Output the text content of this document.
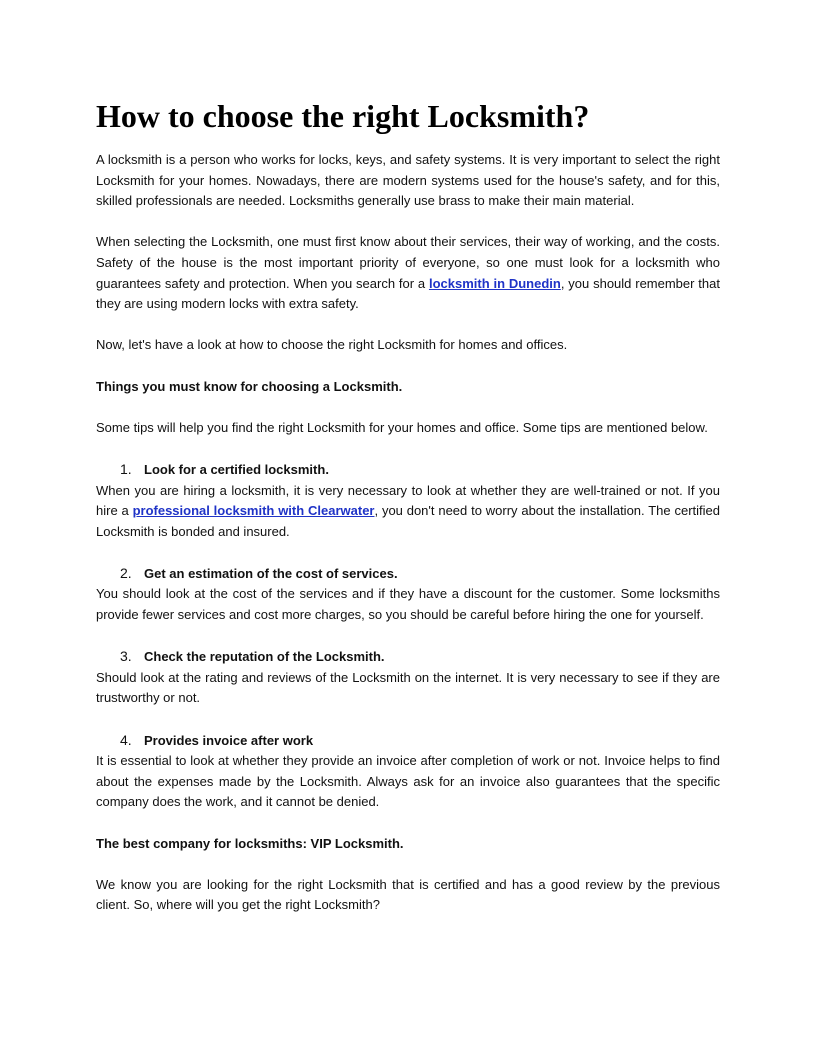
How to choose the right Locksmith?

A locksmith is a person who works for locks, keys, and safety systems. It is very important to select the right Locksmith for your homes. Nowadays, there are modern systems used for the house's safety, and for this, skilled professionals are needed. Locksmiths generally use brass to make their main material.

When selecting the Locksmith, one must first know about their services, their way of working, and the costs. Safety of the house is the most important priority of everyone, so one must look for a locksmith who guarantees safety and protection. When you search for a locksmith in Dunedin, you should remember that they are using modern locks with extra safety.

Now, let's have a look at how to choose the right Locksmith for homes and offices.

Things you must know for choosing a Locksmith.

Some tips will help you find the right Locksmith for your homes and office. Some tips are mentioned below.

1. Look for a certified locksmith.

When you are hiring a locksmith, it is very necessary to look at whether they are well-trained or not. If you hire a professional locksmith with Clearwater, you don't need to worry about the installation. The certified Locksmith is bonded and insured.

2. Get an estimation of the cost of services.

You should look at the cost of the services and if they have a discount for the customer. Some locksmiths provide fewer services and cost more charges, so you should be careful before hiring the one for yourself.

3. Check the reputation of the Locksmith.

Should look at the rating and reviews of the Locksmith on the internet. It is very necessary to see if they are trustworthy or not.

4. Provides invoice after work

It is essential to look at whether they provide an invoice after completion of work or not. Invoice helps to find about the expenses made by the Locksmith. Always ask for an invoice also guarantees that the specific company does the work, and it cannot be denied.

The best company for locksmiths: VIP Locksmith.

We know you are looking for the right Locksmith that is certified and has a good review by the previous client. So, where will you get the right Locksmith?
